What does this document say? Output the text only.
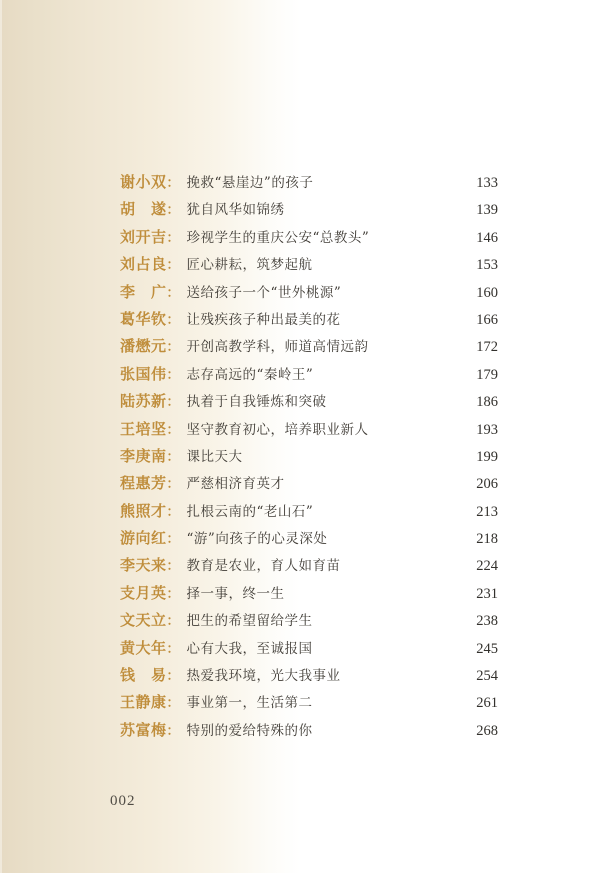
谢小双 ： 挽救“悬崖边”的孩子	133
胡　遂 ： 犹自风华如锦绣	139
刘开吉 ： 珍视学生的重庆公安“总教头”	146
刘占良 ： 匠心耕耘，筑梦起航	153
李　广 ： 送给孩子一个“世外桃源”	160
葛华钦 ： 让残疾孩子种出最美的花	166
潘懋元 ： 开创高教学科，师道高情远韵	172
张国伟 ： 志存高远的“秦岭王”	179
陆苏新 ： 执着于自我锤炼和突破	186
王培坚 ： 坚守教育初心，培养职业新人	193
李庚南 ： 课比天大	199
程惠芳 ： 严慈相济育英才	206
熊照才 ： 扎根云南的“老山石”	213
游向红 ： “游”向孩子的心灵深处	218
李天来 ： 教育是农业，育人如育苗	224
支月英 ： 择一事，终一生	231
文天立 ： 把生的希望留给学生	238
黄大年 ： 心有大我，至诚报国	245
钱　易 ： 热爱我环境，光大我事业	254
王静康 ： 事业第一，生活第二	261
苏富梅 ： 特别的爱给特殊的你	268
002
